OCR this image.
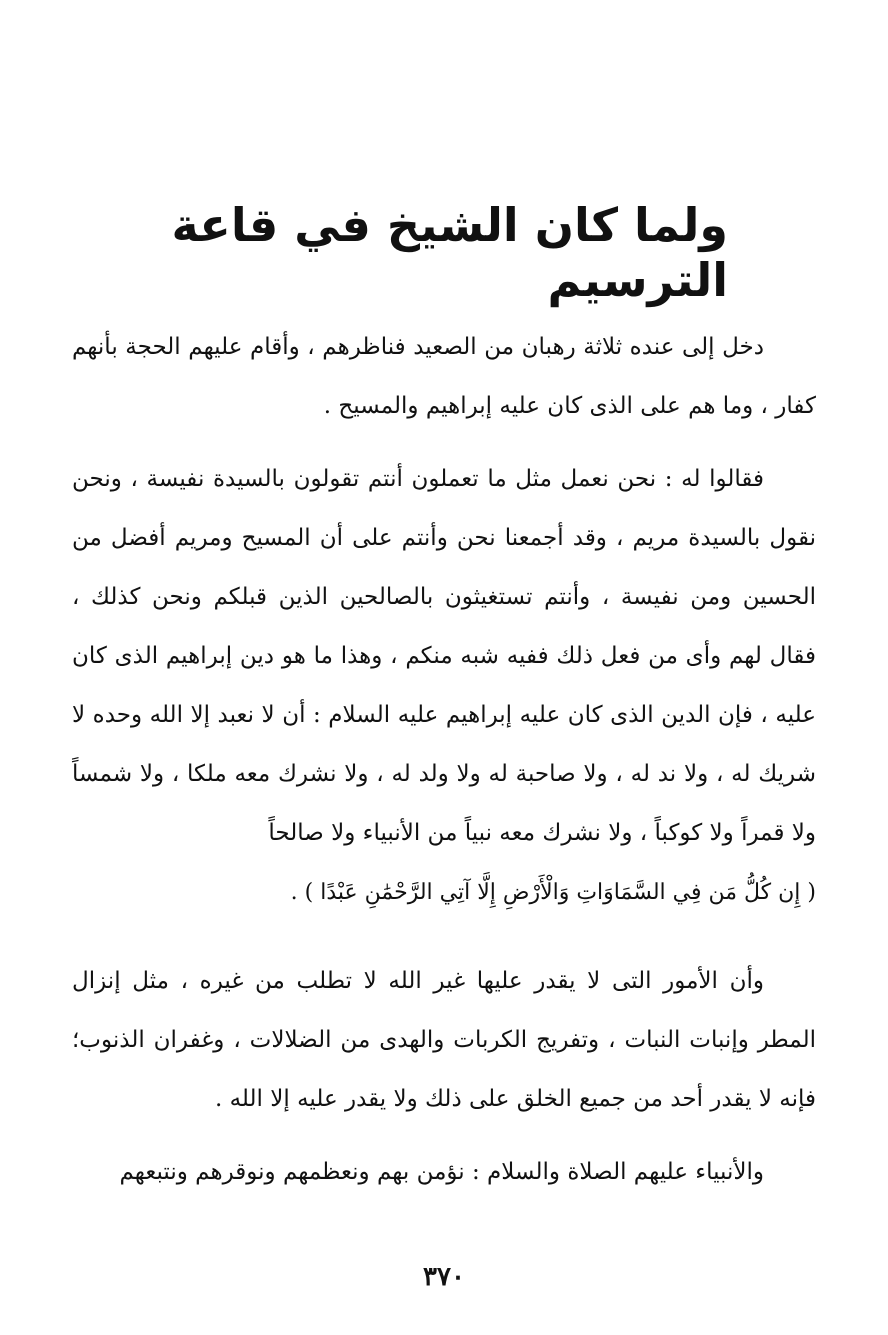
ولما كان الشيخ في قاعة الترسيم

دخل إلى عنده ثلاثة رهبان من الصعيد فناظرهم ، وأقام عليهم الحجة بأنهم كفار ، وما هم على الذى كان عليه إبراهيم والمسيح .

فقالوا له : نحن نعمل مثل ما تعملون أنتم تقولون بالسيدة نفيسة ، ونحن نقول بالسيدة مريم ، وقد أجمعنا نحن وأنتم على أن المسيح ومريم أفضل من الحسين ومن نفيسة ، وأنتم تستغيثون بالصالحين الذين قبلكم ونحن كذلك ، فقال لهم وأى من فعل ذلك ففيه شبه منكم ، وهذا ما هو دين إبراهيم الذى كان عليه ، فإن الدين الذى كان عليه إبراهيم عليه السلام : أن لا نعبد إلا الله وحده لا شريك له ، ولا ند له ، ولا صاحبة له ولا ولد له ، ولا نشرك معه ملكا ، ولا شمساً ولا قمراً ولا كوكباً ، ولا نشرك معه نبياً من الأنبياء ولا صالحاً
( إِن كُلُّ مَن فِي السَّمَاوَاتِ وَالْأَرْضِ إِلَّا آتِي الرَّحْمَٰنِ عَبْدًا ) .

وأن الأمور التى لا يقدر عليها غير الله لا تطلب من غيره ، مثل إنزال المطر وإنبات النبات ، وتفريج الكربات والهدى من الضلالات ، وغفران الذنوب؛ فإنه لا يقدر أحد من جميع الخلق على ذلك ولا يقدر عليه إلا الله .

والأنبياء عليهم الصلاة والسلام : نؤمن بهم ونعظمهم ونوقرهم ونتبعهم

٣٧٠
